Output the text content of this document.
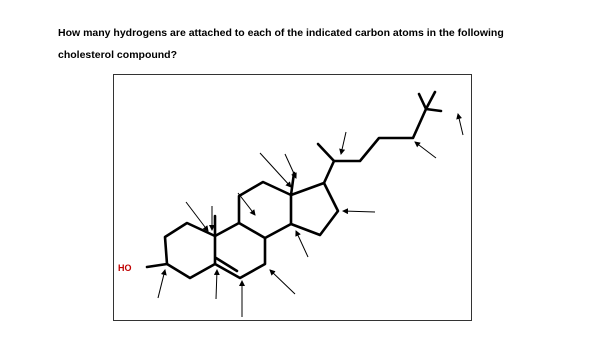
How many hydrogens are attached to each of the indicated carbon atoms in the following
cholesterol compound?

HO
